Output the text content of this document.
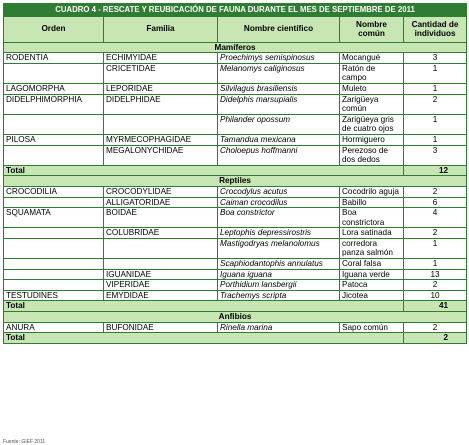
CUADRO 4 - RESCATE Y REUBICACIÓN DE FAUNA DURANTE EL MES DE SEPTIEMBRE DE 2011				
Orden	Familia	Nombre científico	Nombre común	Cantidad de individuos
Mamíferos				
RODENTIA	ECHIMYIDAE	Proechimys semispinosus	Mocangué	3
	CRICETIDAE	Melanomys caliginosus	Ratón de campo	1
LAGOMORPHA	LEPORIDAE	Silvilagus brasiliensis	Muleto	1
DIDELPHIMORPHIA	DIDELPHIDAE	Didelphis marsupialis	Zarigüeya común	2
		Philander opossum	Zarigüeya gris de cuatro ojos	1
PILOSA	MYRMECOPHAGIDAE	Tamandua mexicana	Hormiguero	1
	MEGALONYCHIDAE	Choloepus hoffmanni	Perezoso de dos dedos	3
Total				12
Reptiles				
CROCODILIA	CROCODYLIDAE	Crocodylus acutus	Cocodrilo aguja	2
	ALLIGATORIDAE	Caiman crocodilus	Babillo	6
SQUAMATA	BOIDAE	Boa constrictor	Boa constrictora	4
	COLUBRIDAE	Leptophis depressirostris	Lora satinada	2
		Mastigodryas melanolomus	corredora panza salmón	1
		Scaphiodantophis annulatus	Coral falsa	1
	IGUANIDAE	Iguana iguana	Iguana verde	13
	VIPERIDAE	Porthidium lansbergii	Patoca	2
TESTUDINES	EMYDIDAE	Trachemys scripta	Jicotea	10
Total				41
Anfibios				
ANURA	BUFONIDAE	Rinella marina	Sapo común	2
Total				2
Fuente: GIEF 2011
